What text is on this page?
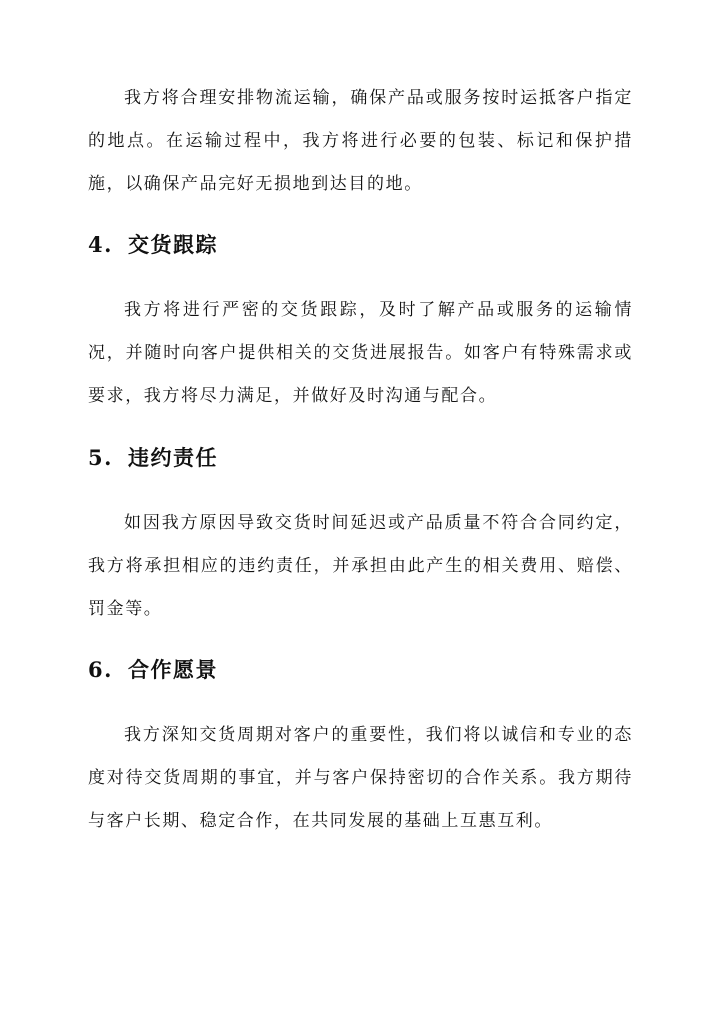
我方将合理安排物流运输，确保产品或服务按时运抵客户指定的地点。在运输过程中，我方将进行必要的包装、标记和保护措施，以确保产品完好无损地到达目的地。

4. 交货跟踪

我方将进行严密的交货跟踪，及时了解产品或服务的运输情况，并随时向客户提供相关的交货进展报告。如客户有特殊需求或要求，我方将尽力满足，并做好及时沟通与配合。

5. 违约责任

如因我方原因导致交货时间延迟或产品质量不符合合同约定，我方将承担相应的违约责任，并承担由此产生的相关费用、赔偿、罚金等。

6. 合作愿景

我方深知交货周期对客户的重要性，我们将以诚信和专业的态度对待交货周期的事宜，并与客户保持密切的合作关系。我方期待与客户长期、稳定合作，在共同发展的基础上互惠互利。
